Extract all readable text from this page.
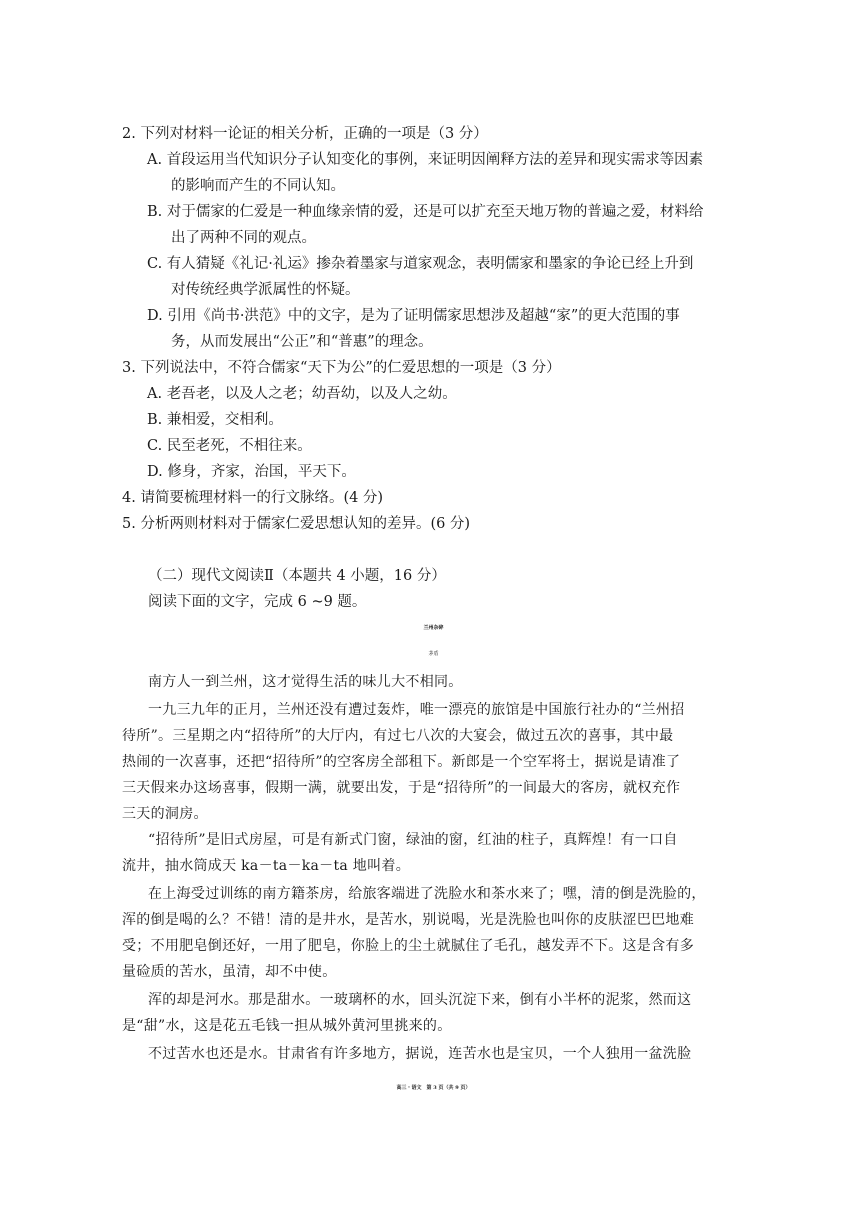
2. 下列对材料一论证的相关分析，正确的一项是（3 分）
A. 首段运用当代知识分子认知变化的事例，来证明因阐释方法的差异和现实需求等因素
的影响而产生的不同认知。
B. 对于儒家的仁爱是一种血缘亲情的爱，还是可以扩充至天地万物的普遍之爱，材料给
出了两种不同的观点。
C. 有人猜疑《礼记·礼运》掺杂着墨家与道家观念，表明儒家和墨家的争论已经上升到
对传统经典学派属性的怀疑。
D. 引用《尚书·洪范》中的文字，是为了证明儒家思想涉及超越“家”的更大范围的事
务，从而发展出“公正”和“普惠”的理念。
3. 下列说法中，不符合儒家“天下为公”的仁爱思想的一项是（3 分）
A. 老吾老，以及人之老；幼吾幼，以及人之幼。
B. 兼相爱，交相利。
C. 民至老死，不相往来。
D. 修身，齐家，治国，平天下。
4. 请简要梳理材料一的行文脉络。(4 分)
5. 分析两则材料对于儒家仁爱思想认知的差异。(6 分)
（二）现代文阅读Ⅱ（本题共 4 小题，16 分）
阅读下面的文字，完成 6 ~9 题。
兰州杂碎
茅盾
南方人一到兰州，这才觉得生活的味儿大不相同。
一九三九年的正月，兰州还没有遭过轰炸，唯一漂亮的旅馆是中国旅行社办的“兰州招
待所”。三星期之内“招待所”的大厅内，有过七八次的大宴会，做过五次的喜事，其中最
热闹的一次喜事，还把“招待所”的空客房全部租下。新郎是一个空军将士，据说是请准了
三天假来办这场喜事，假期一满，就要出发，于是“招待所”的一间最大的客房，就权充作
三天的洞房。
“招待所”是旧式房屋，可是有新式门窗，绿油的窗，红油的柱子，真辉煌！有一口自
流井，抽水筒成天 ka－ta－ka－ta 地叫着。
在上海受过训练的南方籍茶房，给旅客端进了洗脸水和茶水来了；嘿，清的倒是洗脸的，
浑的倒是喝的么？不错！清的是井水，是苦水，别说喝，光是洗脸也叫你的皮肤涩巴巴地难
受；不用肥皂倒还好，一用了肥皂，你脸上的尘土就腻住了毛孔，越发弄不下。这是含有多
量硷质的苦水，虽清，却不中使。
浑的却是河水。那是甜水。一玻璃杯的水，回头沉淀下来，倒有小半杯的泥浆，然而这
是“甜”水，这是花五毛钱一担从城外黄河里挑来的。
不过苦水也还是水。甘肃省有许多地方，据说，连苦水也是宝贝，一个人独用一盆洗脸
高三・语文　第 3 页（共 9 页）
